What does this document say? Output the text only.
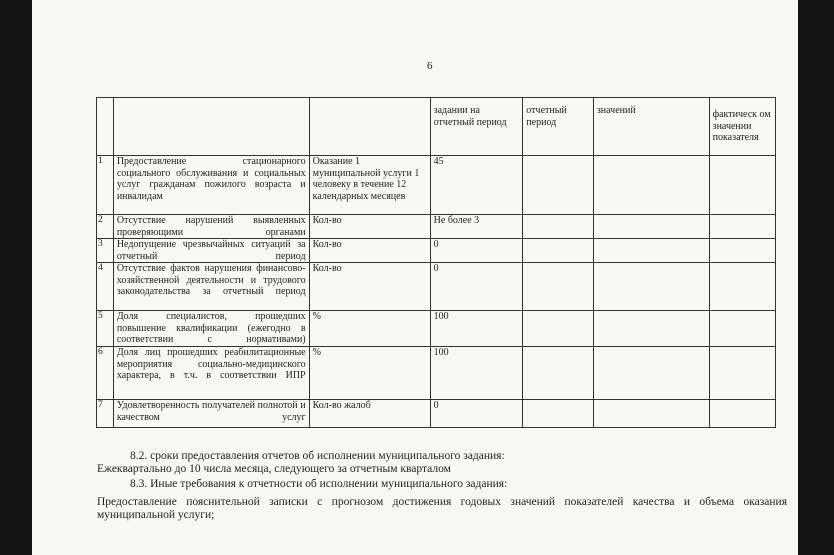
6
			задании на отчетный период	отчетный период	значений	фактическ ом значении показателя
1	Предоставление стационарного социального обслуживания и социальных услуг гражданам пожилого возраста и инвалидам	Оказание 1 муниципальной услуги 1 человеку в течение 12 календарных месяцев	45			
2	Отсутствие нарушений выявленных проверяющими органами	Кол-во	Не более 3			
3	Недопущение чрезвычайных ситуаций за отчетный период	Кол-во	0			
4	Отсутствие фактов нарушения финансово-хозяйственной деятельности и трудового законодательства за отчетный период	Кол-во	0			
5	Доля специалистов, прошедших повышение квалификации (ежегодно в соответствии с нормативами)	%	100			
6	Доля лиц прошедших реабилитационные мероприятия социально-медицинского характера, в т.ч. в соответствии ИПР	%	100			
7	Удовлетворенность получателей полнотой и качеством услуг	Кол-во жалоб	0			
8.2. сроки предоставления отчетов об исполнении муниципального задания:
Ежеквартально до 10 числа месяца, следующего за отчетным кварталом
8.3. Иные требования к отчетности об исполнении муниципального задания:
Предоставление пояснительной записки с прогнозом достижения годовых значений показателей качества и объема оказания муниципальной услуги;
